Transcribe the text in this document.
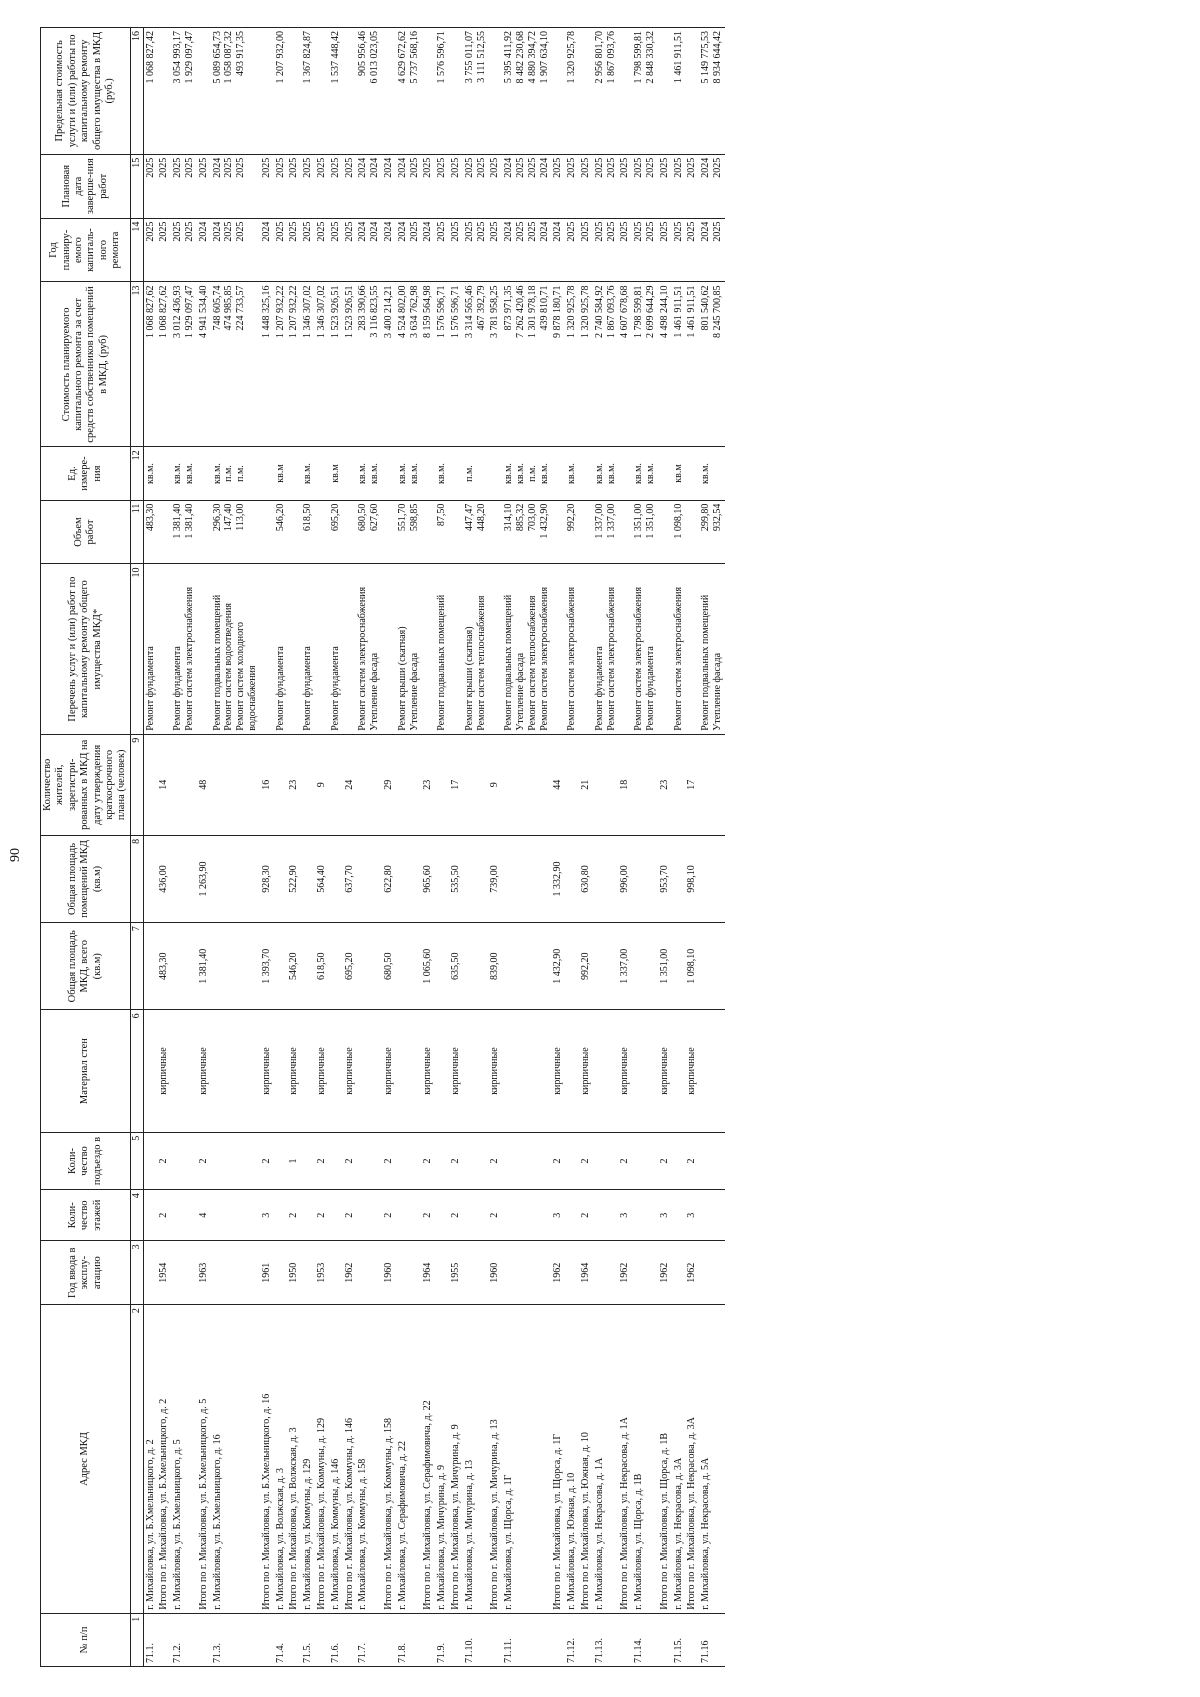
90
№ п/п	Адрес МКД	Год ввода в эксплу-атацию	Коли-чество этажей	Коли-чество подъездо в	Материал стен	Общая площадь МКД, всего (кв.м)	Общая площадь помещений МКД (кв.м)	Количество жителей, зарегистри-рованных в МКД на дату утверждения краткосрочного плана (человек)	Перечень услуг и (или) работ по капитальному ремонту общего имущества МКД*	Объем работ	Ед. измере-ния	Стоимость планируемого капитального ремонта за счет средств собственников помещений в МКД, (руб)	Год планиру-емого капиталь-ного ремонта	Плановая дата заверше-ния работ	Предельная стоимость услуги и (или) работы по капитальному ремонту общего имущества в МКД (руб.)
1	2	3	4	5	6	7	8	9	10	11	12	13	14	15	16
71.1.	г. Михайловка, ул. Б.Хмельницкого, д. 2								Ремонт фундамента	483,30	кв.м.	1 068 827,62	2025	2025	1 068 827,42

	Итого по г. Михайловка, ул. Б.Хмельницкого, д. 2	1954	2	2	кирпичные	483,30	436,00	14				1 068 827,62	2025	2025	

71.2.	г. Михайловка, ул. Б.Хмельницкого, д. 5								Ремонт фундамента Ремонт систем электроснабжения	1 381,40 1 381,40	кв.м. кв.м.	3 012 436,93 1 929 097,47	2025 2025	2025 2025	3 054 993,17 1 929 097,47

	Итого по г. Михайловка, ул. Б.Хмельницкого, д. 5	1963	4	2	кирпичные	1 381,40	1 263,90	48				4 941 534,40	2024	2025	

71.3.	г. Михайловка, ул. Б.Хмельницкого, д. 16								Ремонт подвальных помещений Ремонт систем водоотведения Ремонт систем холодного водоснабжения	296,30 147,40 113,00	кв.м. п.м. п.м.	748 605,74 474 985,85 224 733,57	2024 2025 2025	2024 2025 2025	5 089 654,73 1 058 087,32 493 917,35

	Итого по г. Михайловка, ул. Б.Хмельницкого, д. 16	1961	3	2	кирпичные	1 393,70	928,30	16				1 448 325,16	2024	2025	

71.4.	г. Михайловка, ул. Волжская, д. 3								Ремонт фундамента	546,20	кв.м	1 207 932,22	2025	2025	1 207 932,00

	Итого по г. Михайловка, ул. Волжская, д. 3	1950	2	1	кирпичные	546,20	522,90	23				1 207 932,22	2025	2025	

71.5.	г. Михайловка, ул. Коммуны, д. 129								Ремонт фундамента	618,50	кв.м.	1 346 307,02	2025	2025	1 367 824,87

	Итого по г. Михайловка, ул. Коммуны, д. 129	1953	2	2	кирпичные	618,50	564,40	9				1 346 307,02	2025	2025	

71.6.	г. Михайловка, ул. Коммуны, д. 146								Ремонт фундамента	695,20	кв.м	1 523 926,51	2025	2025	1 537 448,42

	Итого по г. Михайловка, ул. Коммуны, д. 146	1962	2	2	кирпичные	695,20	637,70	24				1 523 926,51	2025	2025	

71.7.	г. Михайловка, ул. Коммуны, д. 158								Ремонт систем электроснабжения Утепление фасада	680,50 627,60	кв.м. кв.м.	283 390,66 3 116 823,55	2024 2024	2024 2024	905 956,46 6 013 023,05

	Итого по г. Михайловка, ул. Коммуны, д. 158	1960	2	2	кирпичные	680,50	622,80	29				3 400 214,21	2024	2024	

71.8.	г. Михайловка, ул. Серафимовича, д. 22								Ремонт крыши (скатная) Утепление фасада	551,70 598,85	кв.м. кв.м.	4 524 802,00 3 634 762,98	2024 2025	2024 2025	4 629 672,62 5 737 568,16

	Итого по г. Михайловка, ул. Серафимовича, д. 22	1964	2	2	кирпичные	1 065,60	965,60	23				8 159 564,98	2024	2025	

71.9.	г. Михайловка, ул. Мичурина, д. 9								Ремонт подвальных помещений	87,50	кв.м.	1 576 596,71	2025	2025	1 576 596,71

	Итого по г. Михайловка, ул. Мичурина, д. 9	1955	2	2	кирпичные	635,50	535,50	17				1 576 596,71	2025	2025	

71.10.	г. Михайловка, ул. Мичурина, д. 13								Ремонт крыши (скатная) Ремонт систем теплоснабжения	447,47 448,20	п.м.	3 314 565,46 467 392,79	2025 2025	2025 2025	3 755 011,07 3 111 512,55

	Итого по г. Михайловка, ул. Мичурина, д. 13	1960	2	2	кирпичные	839,00	739,00	9				3 781 958,25	2025	2025	

71.11.	г. Михайловка, ул. Щорса, д. 1Г								Ремонт подвальных помещений Утепление фасада Ремонт систем теплоснабжения Ремонт систем электроснабжения	314,10 885,32 703,00 1 432,90	кв.м. кв.м. п.м. кв.м.	873 971,35 7 262 420,46 1 301 978,18 439 810,71	2024 2025 2025 2024	2024 2025 2025 2024	5 395 411,92 8 482 230,68 4 880 394,72 1 907 634,10

	Итого по г. Михайловка, ул. Щорса, д. 1Г	1962	3	2	кирпичные	1 432,90	1 332,90	44				9 878 180,71	2024	2025	

71.12.	г. Михайловка, ул. Южная, д. 10								Ремонт систем электроснабжения	992,20	кв.м.	1 320 925,78	2025	2025	1 320 925,78

	Итого по г. Михайловка, ул. Южная, д. 10	1964	2	2	кирпичные	992,20	630,80	21				1 320 925,78	2025	2025	

71.13.	г. Михайловка, ул. Некрасова, д. 1А								Ремонт фундамента Ремонт систем электроснабжения	1 337,00 1 337,00	кв.м. кв.м.	2 740 584,92 1 867 093,76	2025 2025	2025 2025	2 956 801,70 1 867 093,76

	Итого по г. Михайловка, ул. Некрасова, д. 1А	1962	3	2	кирпичные	1 337,00	996,00	18				4 607 678,68	2025	2025	

71.14.	г. Михайловка, ул. Щорса, д. 1В								Ремонт систем электроснабжения Ремонт фундамента	1 351,00 1 351,00	кв.м. кв.м.	1 798 599,81 2 699 644,29	2025 2025	2025 2025	1 798 599,81 2 848 330,32

	Итого по г. Михайловка, ул. Щорса, д. 1В	1962	3	2	кирпичные	1 351,00	953,70	23				4 498 244,10	2025	2025	

71.15.	г. Михайловка, ул. Некрасова, д. 3А								Ремонт систем электроснабжения	1 098,10	кв.м	1 461 911,51	2025	2025	1 461 911,51

	Итого по г. Михайловка, ул. Некрасова, д. 3А	1962	3	2	кирпичные	1 098,10	998,10	17				1 461 911,51	2025	2025	

71.16	г. Михайловка, ул. Некрасова, д. 5А								Ремонт подвальных помещений Утепление фасада	299,80 932,54	кв.м.	801 540,62 8 245 700,85	2024 2025	2024 2025	5 149 775,53 8 934 644,42
